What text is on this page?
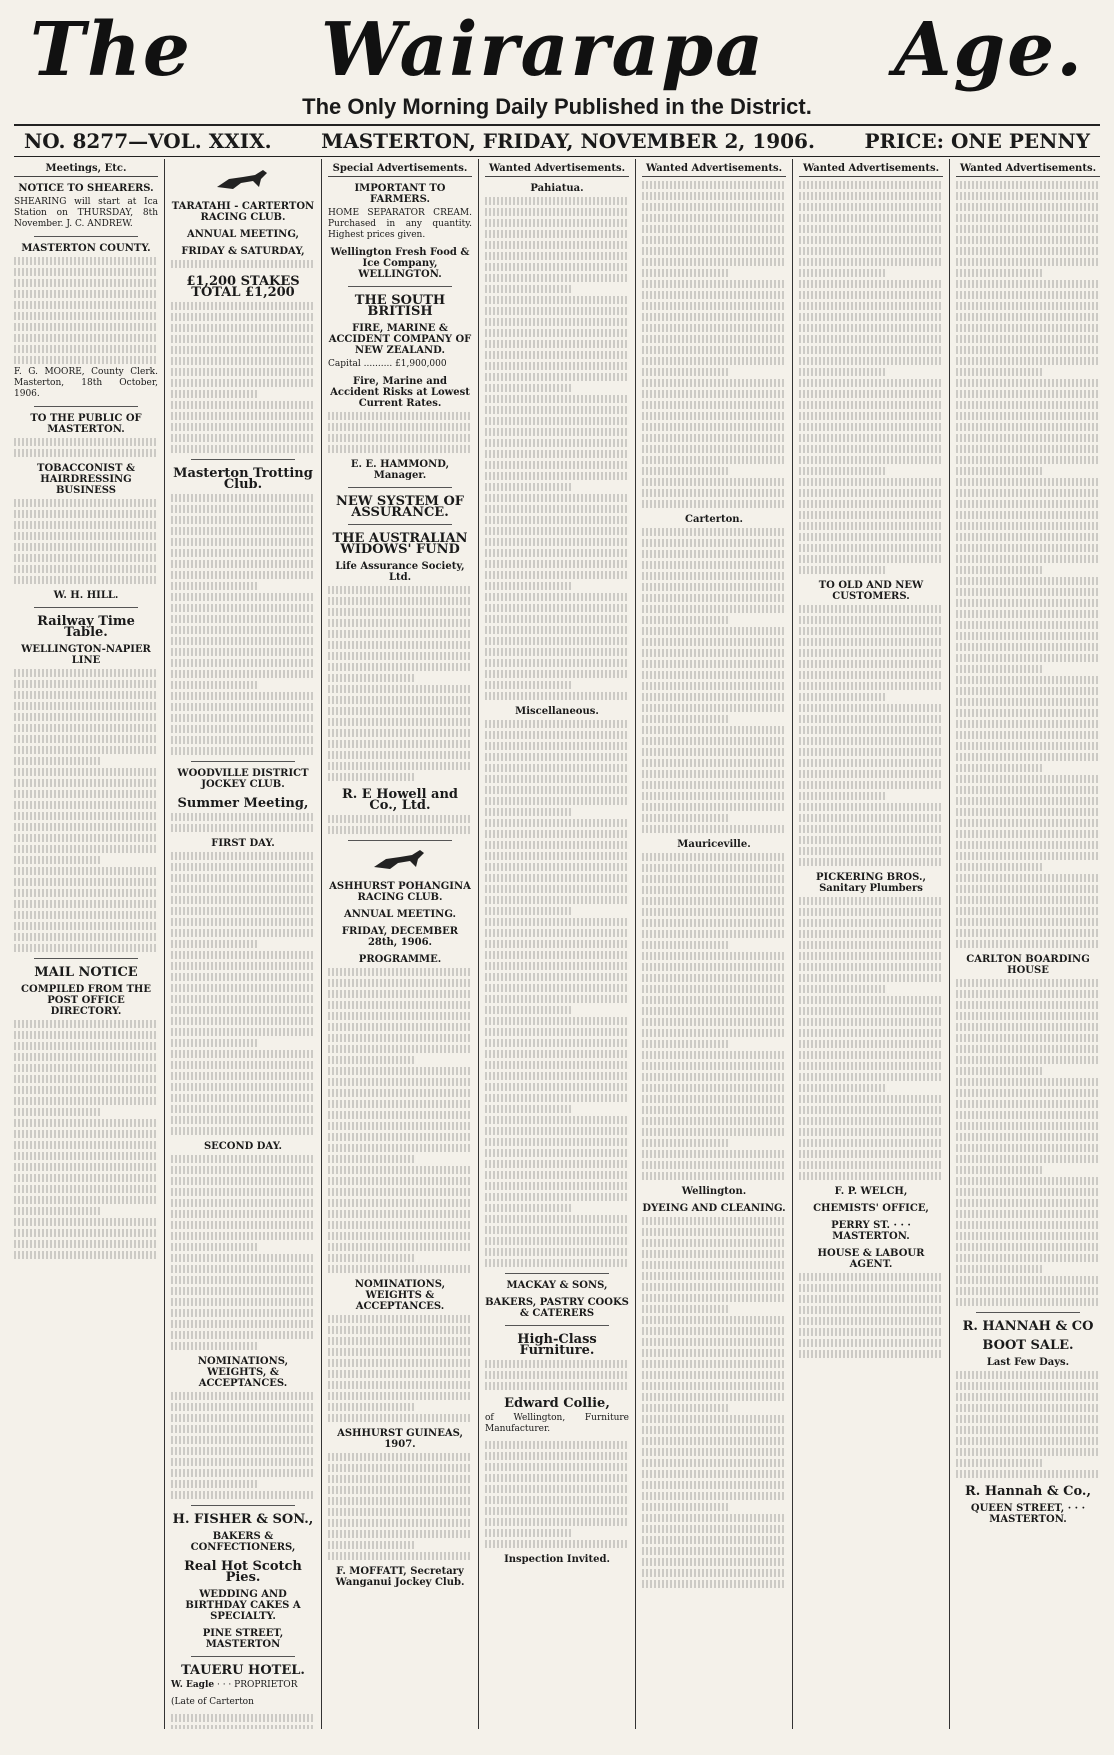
The Wairarapa Age.
The Only Morning Daily Published in the District.
NO. 8277—VOL. XXIX. MASTERTON, FRIDAY, NOVEMBER 2, 1906. PRICE: ONE PENNY
Meetings, Etc.
NOTICE TO SHEARERS.
SHEARING will start at Ica Station on THURSDAY, 8th November. J. C. ANDREW.
MASTERTON COUNTY.
F. G. MOORE, County Clerk. Masterton, 18th October, 1906.
TO THE PUBLIC OF MASTERTON.
TOBACCONIST & HAIRDRESSING BUSINESS
W. H. HILL.
Railway Time Table.
WELLINGTON-NAPIER LINE
MAIL NOTICE
COMPILED FROM THE POST OFFICE DIRECTORY.
TARATAHI - CARTERTON RACING CLUB.
ANNUAL MEETING,
FRIDAY & SATURDAY,
£1,200 STAKES TOTAL £1,200
Masterton Trotting Club.
WOODVILLE DISTRICT JOCKEY CLUB.
Summer Meeting,
FIRST DAY.
SECOND DAY.
NOMINATIONS, WEIGHTS, & ACCEPTANCES.
H. FISHER & SON.,
BAKERS & CONFECTIONERS,
Real Hot Scotch Pies.
WEDDING AND BIRTHDAY CAKES A SPECIALTY.
PINE STREET, MASTERTON
TAUERU HOTEL.
W. Eagle · · · PROPRIETOR
(Late of Carterton
Special Advertisements.
IMPORTANT TO FARMERS.
HOME SEPARATOR CREAM. Purchased in any quantity. Highest prices given.
Wellington Fresh Food & Ice Company, WELLINGTON.
THE SOUTH BRITISH
FIRE, MARINE & ACCIDENT COMPANY OF NEW ZEALAND.
Capital .......... £1,900,000
Fire, Marine and Accident Risks at Lowest Current Rates.
E. E. HAMMOND, Manager.
NEW SYSTEM OF ASSURANCE.
THE AUSTRALIAN WIDOWS' FUND
Life Assurance Society, Ltd.
R. E Howell and Co., Ltd.
ASHHURST POHANGINA RACING CLUB.
ANNUAL MEETING.
FRIDAY, DECEMBER 28th, 1906.
PROGRAMME.
NOMINATIONS, WEIGHTS & ACCEPTANCES.
ASHHURST GUINEAS, 1907.
F. MOFFATT, Secretary Wanganui Jockey Club.
Wanted Advertisements.
Pahiatua.
Miscellaneous.
MACKAY & SONS,
BAKERS, PASTRY COOKS & CATERERS
High-Class Furniture.
Edward Collie,
of Wellington, Furniture Manufacturer.
Inspection Invited.
Wanted Advertisements.
Carterton.
Mauriceville.
Wellington.
DYEING AND CLEANING.
Wanted Advertisements.
TO OLD AND NEW CUSTOMERS.
PICKERING BROS., Sanitary Plumbers
F. P. WELCH,
CHEMISTS' OFFICE,
PERRY ST. · · · MASTERTON.
HOUSE & LABOUR AGENT.
Wanted Advertisements.
CARLTON BOARDING HOUSE
R. HANNAH & CO
BOOT SALE.
Last Few Days.
R. Hannah & Co.,
QUEEN STREET, · · · MASTERTON.
